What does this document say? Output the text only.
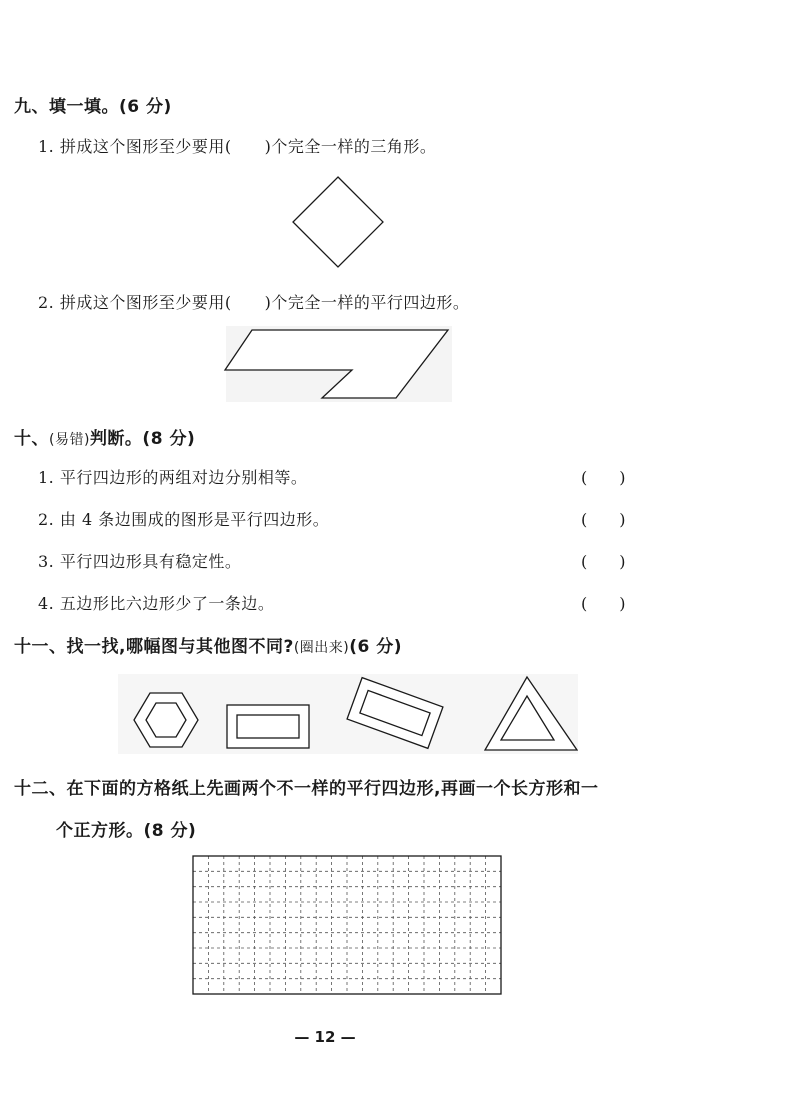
九、填一填。(6 分)
1. 拼成这个图形至少要用(　　)个完全一样的三角形。
2. 拼成这个图形至少要用(　　)个完全一样的平行四边形。
十、(易错)判断。(8 分)
1. 平行四边形的两组对边分别相等。	(　　)
2. 由 4 条边围成的图形是平行四边形。	(　　)
3. 平行四边形具有稳定性。	(　　)
4. 五边形比六边形少了一条边。	(　　)
十一、找一找,哪幅图与其他图不同?(圈出来)(6 分)
十二、在下面的方格纸上先画两个不一样的平行四边形,再画一个长方形和一
个正方形。(8 分)
— 12 —
